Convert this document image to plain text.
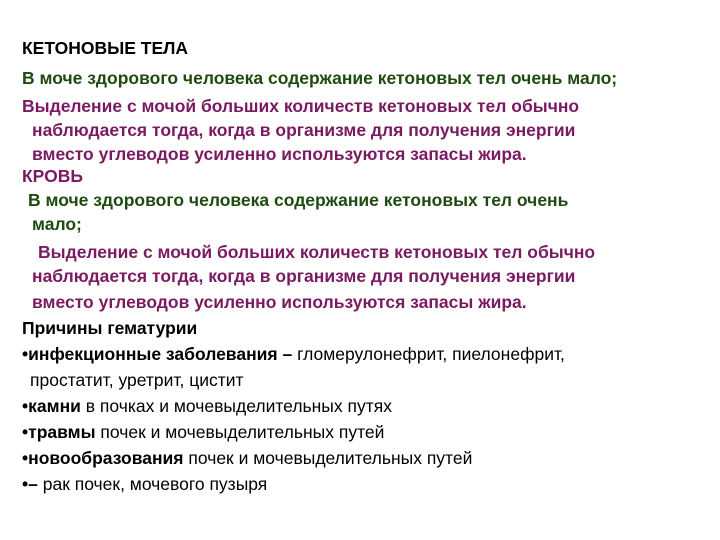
КЕТОНОВЫЕ ТЕЛА
В моче здорового человека содержание кетоновых тел очень мало;
Выделение с мочой больших количеств кетоновых тел обычно
наблюдается тогда, когда в организме для получения энергии
вместо углеводов усиленно используются запасы жира.
КРОВЬ
В моче здорового человека содержание кетоновых тел очень
мало;
Выделение с мочой больших количеств кетоновых тел обычно
наблюдается тогда, когда в организме для получения энергии
вместо углеводов усиленно используются запасы жира.
Причины гематурии
•инфекционные заболевания – гломерулонефрит, пиелонефрит,
простатит, уретрит, цистит
•камни в почках и мочевыделительных путях
•травмы почек и мочевыделительных путей
•новообразования почек и мочевыделительных путей
•– рак почек, мочевого пузыря
